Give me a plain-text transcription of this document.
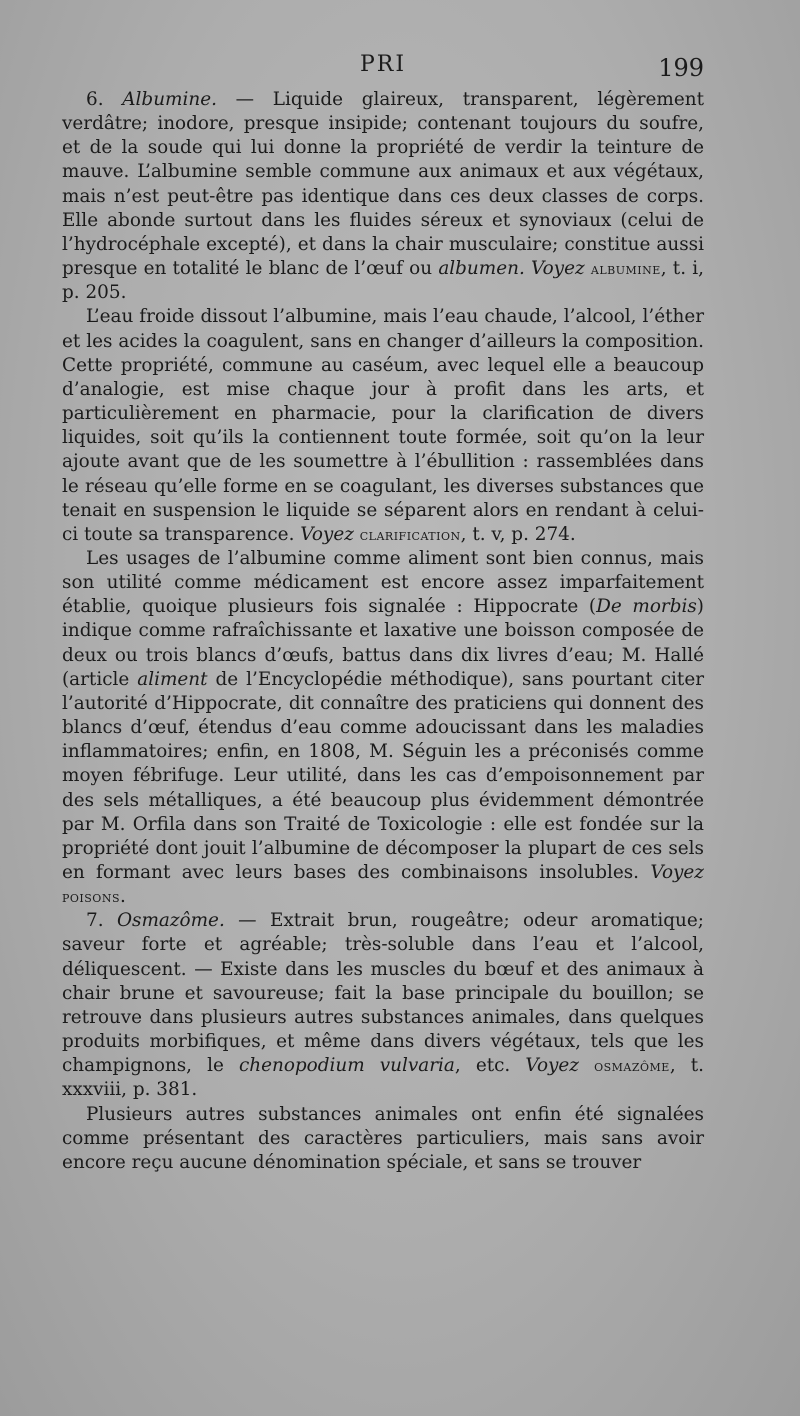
PRI	199

6. Albumine. — Liquide glaireux, transparent, légèrement verdâtre; inodore, presque insipide; contenant toujours du soufre, et de la soude qui lui donne la propriété de verdir la teinture de mauve. L’albumine semble commune aux animaux et aux végétaux, mais n’est peut-être pas identique dans ces deux classes de corps. Elle abonde surtout dans les fluides séreux et synoviaux (celui de l’hydrocéphale excepté), et dans la chair musculaire; constitue aussi presque en totalité le blanc de l’œuf ou albumen. Voyez albumine, t. i, p. 205.

L’eau froide dissout l’albumine, mais l’eau chaude, l’alcool, l’éther et les acides la coagulent, sans en changer d’ailleurs la composition. Cette propriété, commune au caséum, avec lequel elle a beaucoup d’analogie, est mise chaque jour à profit dans les arts, et particulièrement en pharmacie, pour la clarification de divers liquides, soit qu’ils la contiennent toute formée, soit qu’on la leur ajoute avant que de les soumettre à l’ébullition : rassemblées dans le réseau qu’elle forme en se coagulant, les diverses substances que tenait en suspension le liquide se séparent alors en rendant à celui-ci toute sa transparence. Voyez clarification, t. v, p. 274.

Les usages de l’albumine comme aliment sont bien connus, mais son utilité comme médicament est encore assez imparfaitement établie, quoique plusieurs fois signalée : Hippocrate (De morbis) indique comme rafraîchissante et laxative une boisson composée de deux ou trois blancs d’œufs, battus dans dix livres d’eau; M. Hallé (article aliment de l’Encyclopédie méthodique), sans pourtant citer l’autorité d’Hippocrate, dit connaître des praticiens qui donnent des blancs d’œuf, étendus d’eau comme adoucissant dans les maladies inflammatoires; enfin, en 1808, M. Séguin les a préconisés comme moyen fébrifuge. Leur utilité, dans les cas d’empoisonnement par des sels métalliques, a été beaucoup plus évidemment démontrée par M. Orfila dans son Traité de Toxicologie : elle est fondée sur la propriété dont jouit l’albumine de décomposer la plupart de ces sels en formant avec leurs bases des combinaisons insolubles. Voyez poisons.

7. Osmazôme. — Extrait brun, rougeâtre; odeur aromatique; saveur forte et agréable; très-soluble dans l’eau et l’alcool, déliquescent. — Existe dans les muscles du bœuf et des animaux à chair brune et savoureuse; fait la base principale du bouillon; se retrouve dans plusieurs autres substances animales, dans quelques produits morbifiques, et même dans divers végétaux, tels que les champignons, le chenopodium vulvaria, etc. Voyez osmazôme, t. xxxviii, p. 381.

Plusieurs autres substances animales ont enfin été signalées comme présentant des caractères particuliers, mais sans avoir encore reçu aucune dénomination spéciale, et sans se trouver
